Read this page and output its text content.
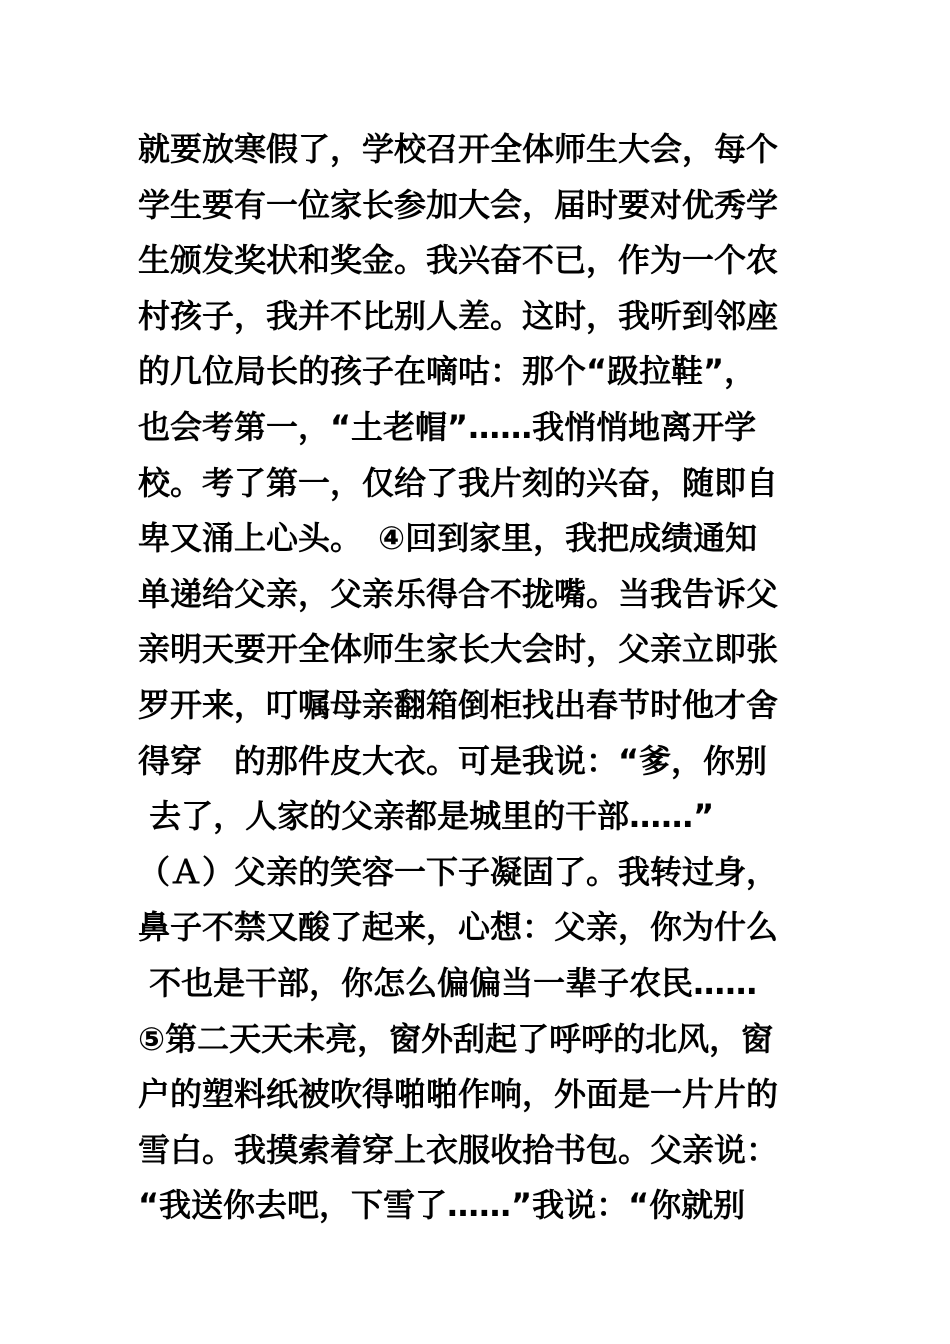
就要放寒假了，学校召开全体师生大会，每个
学生要有一位家长参加大会，届时要对优秀学
生颁发奖状和奖金。我兴奋不已，作为一个农
村孩子，我并不比别人差。这时，我听到邻座
的几位局长的孩子在嘀咕：那个“趿拉鞋”，
也会考第一，“土老帽”……我悄悄地离开学
校。考了第一，仅给了我片刻的兴奋，随即自
卑又涌上心头。　④回到家里，我把成绩通知
单递给父亲，父亲乐得合不拢嘴。当我告诉父
亲明天要开全体师生家长大会时，父亲立即张
罗开来，叮嘱母亲翻箱倒柜找出春节时他才舍
得穿　的那件皮大衣。可是我说：“爹，你别
去了，人家的父亲都是城里的干部……”
（Ａ）父亲的笑容一下子凝固了。我转过身，
鼻子不禁又酸了起来，心想：父亲，你为什么
不也是干部，你怎么偏偏当一辈子农民……
⑤第二天天未亮，窗外刮起了呼呼的北风，窗
户的塑料纸被吹得啪啪作响，外面是一片片的
雪白。我摸索着穿上衣服收拾书包。父亲说：
“我送你去吧，下雪了……”我说：“你就别
